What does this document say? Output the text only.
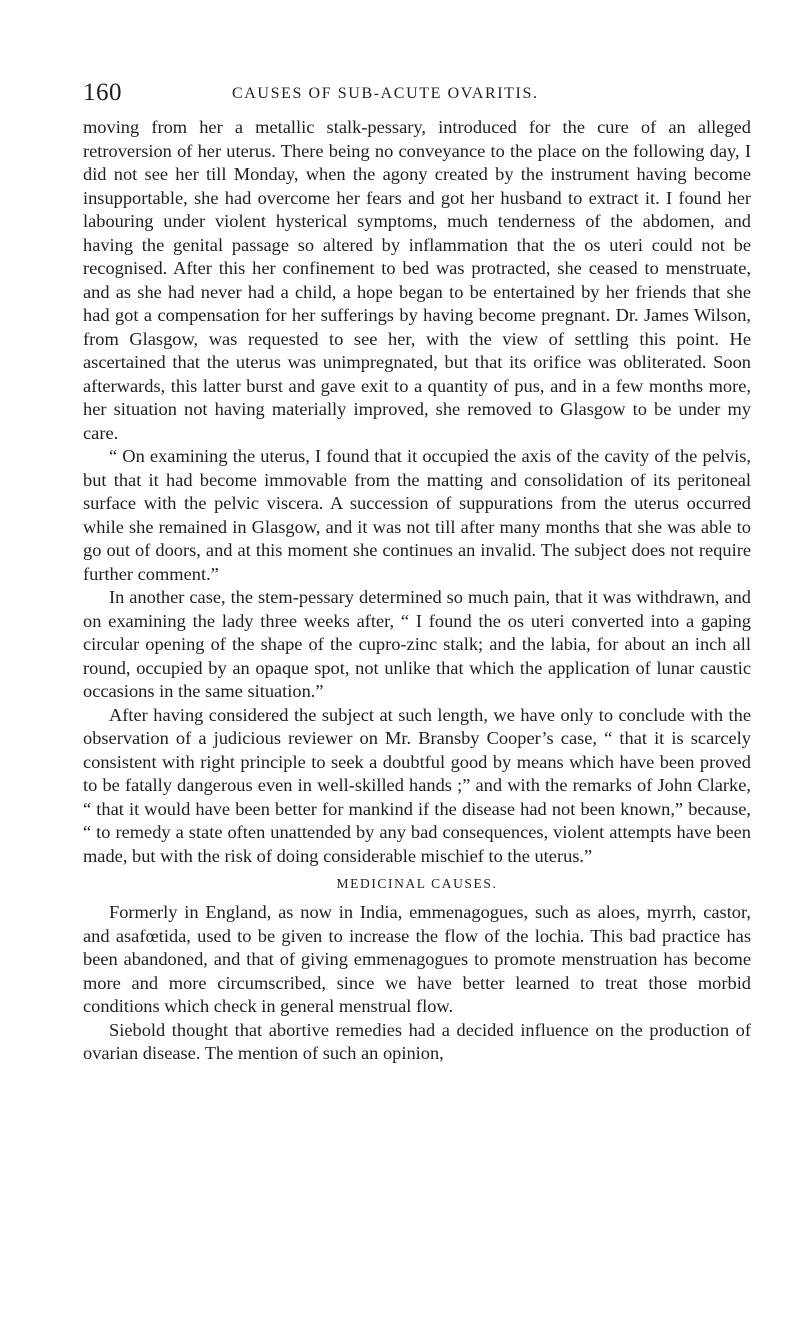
160	CAUSES OF SUB-ACUTE OVARITIS.

moving from her a metallic stalk-pessary, introduced for the cure of an alleged retroversion of her uterus. There being no conveyance to the place on the following day, I did not see her till Monday, when the agony created by the instrument having become insupportable, she had overcome her fears and got her husband to extract it. I found her labouring under violent hysterical symptoms, much tenderness of the abdomen, and having the genital passage so altered by inflammation that the os uteri could not be recognised. After this her confinement to bed was protracted, she ceased to menstruate, and as she had never had a child, a hope began to be entertained by her friends that she had got a compensation for her sufferings by having become pregnant. Dr. James Wilson, from Glasgow, was requested to see her, with the view of settling this point. He ascertained that the uterus was unimpregnated, but that its orifice was obliterated. Soon afterwards, this latter burst and gave exit to a quantity of pus, and in a few months more, her situation not having materially improved, she removed to Glasgow to be under my care.

“ On examining the uterus, I found that it occupied the axis of the cavity of the pelvis, but that it had become immovable from the matting and consolidation of its peritoneal surface with the pelvic viscera. A succession of suppurations from the uterus occurred while she remained in Glasgow, and it was not till after many months that she was able to go out of doors, and at this moment she continues an invalid. The subject does not require further comment.”

In another case, the stem-pessary determined so much pain, that it was withdrawn, and on examining the lady three weeks after, “ I found the os uteri converted into a gaping circular opening of the shape of the cupro-zinc stalk; and the labia, for about an inch all round, occupied by an opaque spot, not unlike that which the application of lunar caustic occasions in the same situation.”

After having considered the subject at such length, we have only to conclude with the observation of a judicious reviewer on Mr. Bransby Cooper’s case, “ that it is scarcely consistent with right principle to seek a doubtful good by means which have been proved to be fatally dangerous even in well-skilled hands ;” and with the remarks of John Clarke, “ that it would have been better for mankind if the disease had not been known,” because, “ to remedy a state often unattended by any bad consequences, violent attempts have been made, but with the risk of doing considerable mischief to the uterus.”

MEDICINAL CAUSES.

Formerly in England, as now in India, emmenagogues, such as aloes, myrrh, castor, and asafœtida, used to be given to increase the flow of the lochia. This bad practice has been abandoned, and that of giving emmenagogues to promote menstruation has become more and more circumscribed, since we have better learned to treat those morbid conditions which check in general menstrual flow.

Siebold thought that abortive remedies had a decided influence on the production of ovarian disease. The mention of such an opinion,
